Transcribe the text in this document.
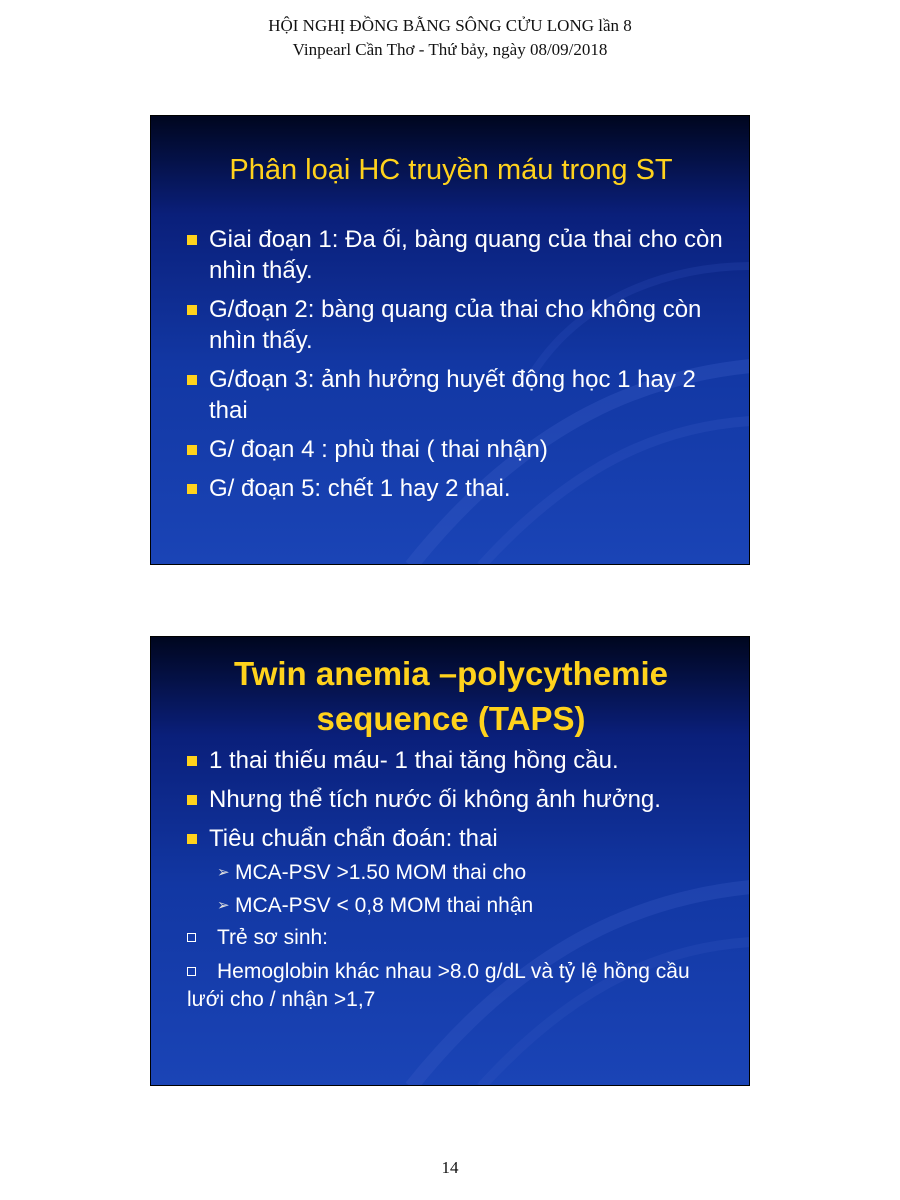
HỘI NGHỊ ĐỒNG BẰNG SÔNG CỬU LONG lần 8
Vinpearl Cần Thơ - Thứ bảy, ngày 08/09/2018
Phân loại HC truyền máu trong ST
Giai đoạn 1: Đa ối, bàng quang của thai cho còn nhìn thấy.
G/đoạn 2: bàng quang của thai cho không còn nhìn thấy.
G/đoạn 3: ảnh hưởng huyết động học 1 hay 2 thai
G/ đoạn 4 : phù thai ( thai nhận)
G/ đoạn 5: chết 1 hay 2 thai.
Twin anemia –polycythemie
sequence (TAPS)
1 thai thiếu máu- 1 thai tăng hồng cầu.
Nhưng thể tích nước ối không ảnh hưởng.
Tiêu chuẩn chẩn đoán: thai
➢ MCA-PSV >1.50 MOM thai cho
➢ MCA-PSV < 0,8 MOM thai nhận
Trẻ sơ sinh:
Hemoglobin khác nhau >8.0 g/dL và tỷ lệ hồng cầu lưới cho / nhận >1,7
14
